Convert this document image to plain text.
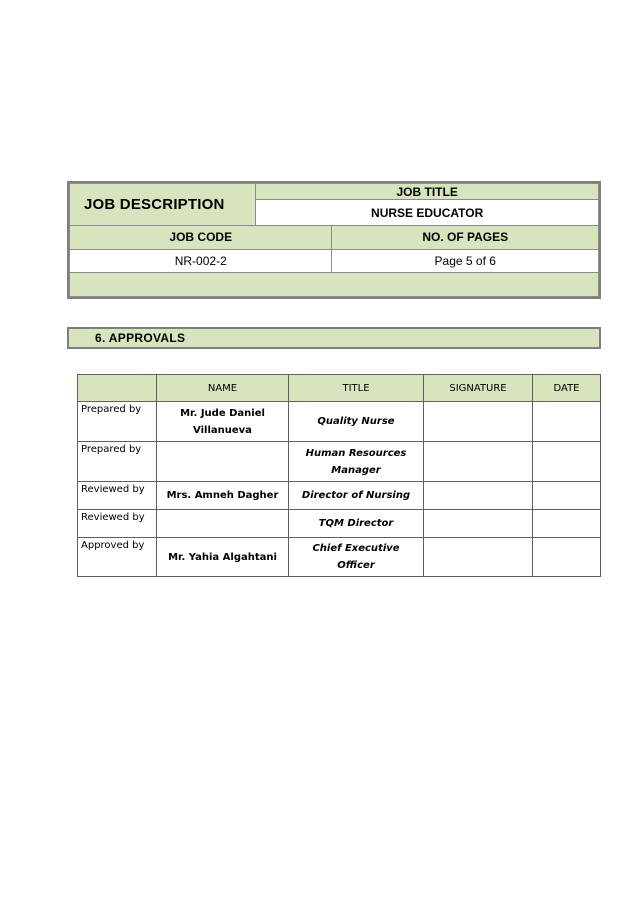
JOB DESCRIPTION	JOB TITLE	
	NURSE EDUCATOR	
JOB CODE		NO. OF PAGES
NR-002-2		Page 5 of 6

6. APPROVALS
	NAME	TITLE	SIGNATURE	DATE
Prepared by	Mr. Jude Daniel Villanueva	Quality Nurse		
Prepared by		Human Resources Manager		
Reviewed by	Mrs. Amneh Dagher	Director of Nursing		
Reviewed by		TQM Director		
Approved by	Mr. Yahia Algahtani	Chief Executive Officer		
